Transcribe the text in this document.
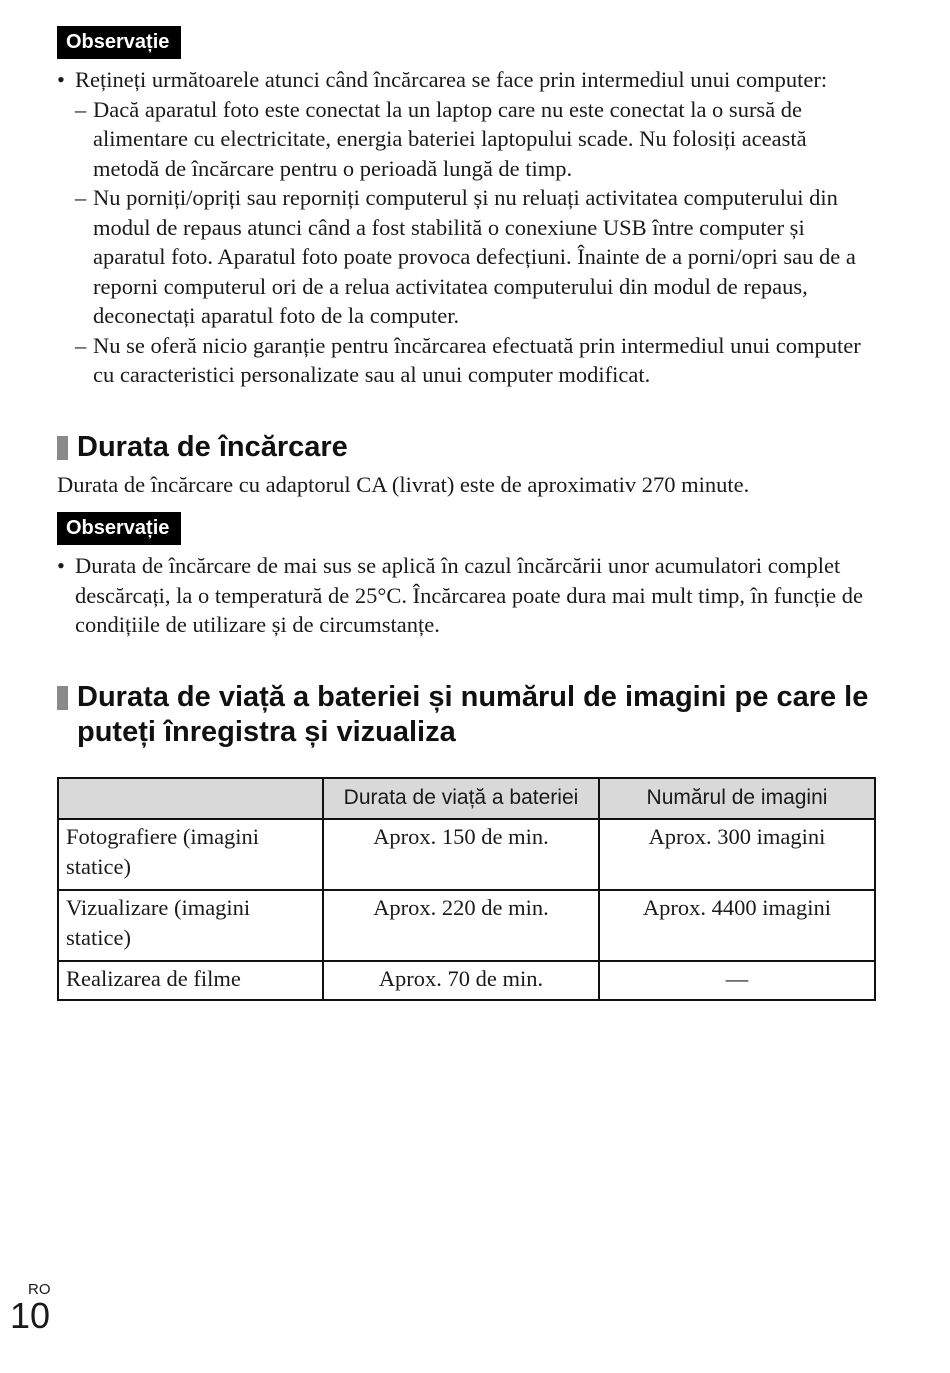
Observație
• Rețineți următoarele atunci când încărcarea se face prin intermediul unui computer:
– Dacă aparatul foto este conectat la un laptop care nu este conectat la o sursă de alimentare cu electricitate, energia bateriei laptopului scade. Nu folosiți această metodă de încărcare pentru o perioadă lungă de timp.
– Nu porniți/opriți sau reporniți computerul și nu reluați activitatea computerului din modul de repaus atunci când a fost stabilită o conexiune USB între computer și aparatul foto. Aparatul foto poate provoca defecțiuni. Înainte de a porni/opri sau de a reporni computerul ori de a relua activitatea computerului din modul de repaus, deconectați aparatul foto de la computer.
– Nu se oferă nicio garanție pentru încărcarea efectuată prin intermediul unui computer cu caracteristici personalizate sau al unui computer modificat.
Durata de încărcare
Durata de încărcare cu adaptorul CA (livrat) este de aproximativ 270 minute.
Observație
• Durata de încărcare de mai sus se aplică în cazul încărcării unor acumulatori complet descărcați, la o temperatură de 25°C. Încărcarea poate dura mai mult timp, în funcție de condițiile de utilizare și de circumstanțe.
Durata de viață a bateriei și numărul de imagini pe care le puteți înregistra și vizualiza
	Durata de viață a bateriei	Numărul de imagini
Fotografiere (imagini statice)	Aprox. 150 de min.	Aprox. 300 imagini
Vizualizare (imagini statice)	Aprox. 220 de min.	Aprox. 4400 imagini
Realizarea de filme	Aprox. 70 de min.	—
RO
10
